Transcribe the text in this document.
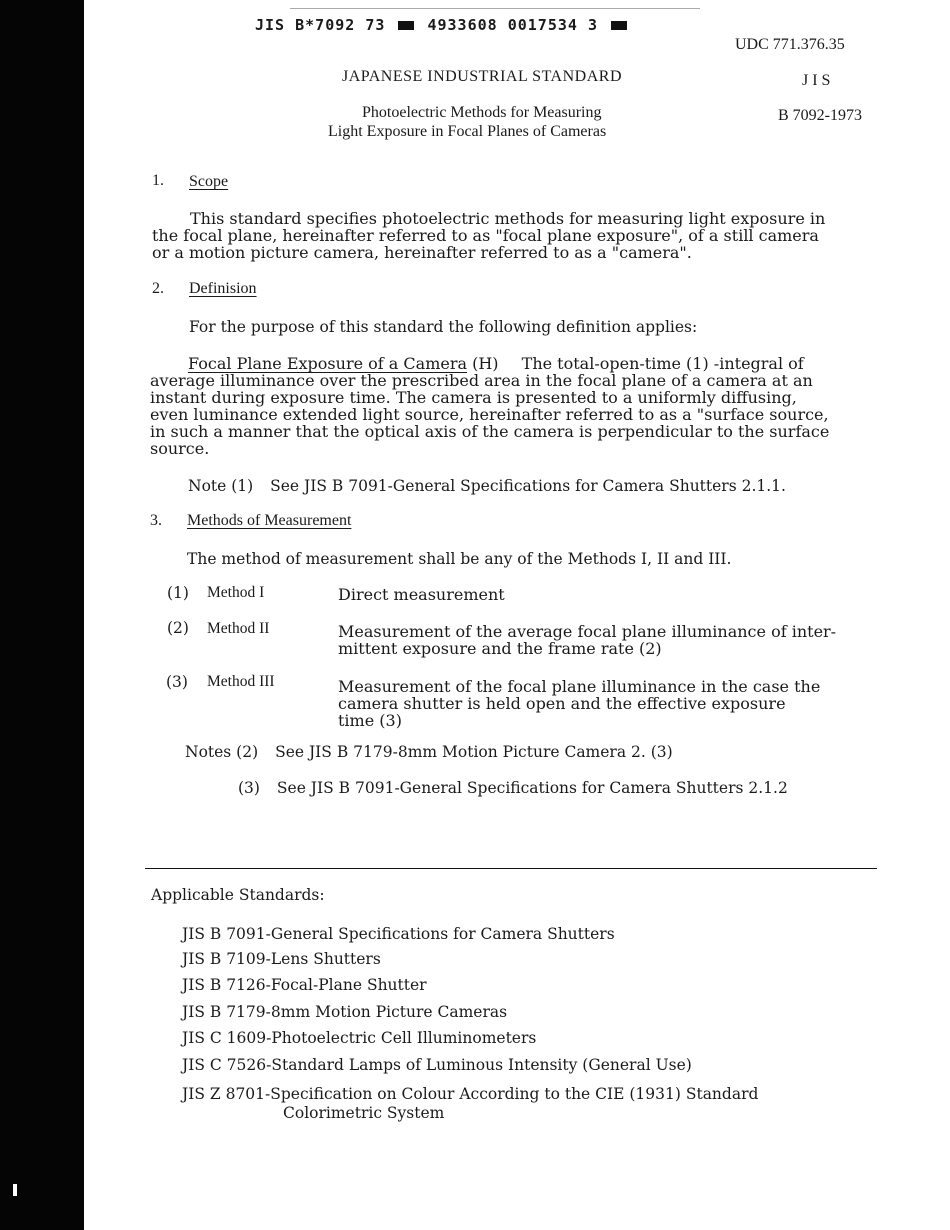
JIS B*7092 73	4933608 0017534 3
UDC 771.376.35
JAPANESE INDUSTRIAL STANDARD	J I S
Photoelectric Methods for Measuring
Light Exposure in Focal Planes of Cameras
B 7092-1973
1. Scope
This standard specifies photoelectric methods for measuring light exposure in
the focal plane, hereinafter referred to as "focal plane exposure", of a still camera
or a motion picture camera, hereinafter referred to as a "camera".
2. Definision
For the purpose of this standard the following definition applies:
Focal Plane Exposure of a Camera (H) The total-open-time (1) -integral of
average illuminance over the prescribed area in the focal plane of a camera at an
instant during exposure time. The camera is presented to a uniformly diffusing,
even luminance extended light source, hereinafter referred to as a "surface source,
in such a manner that the optical axis of the camera is perpendicular to the surface
source.
Note (1) See JIS B 7091-General Specifications for Camera Shutters 2.1.1.
3. Methods of Measurement
The method of measurement shall be any of the Methods I, II and III.
(1) Method I	Direct measurement
(2) Method II	Measurement of the average focal plane illuminance of inter-
mittent exposure and the frame rate (2)
(3) Method III	Measurement of the focal plane illuminance in the case the
camera shutter is held open and the effective exposure
time (3)
Notes (2) See JIS B 7179-8mm Motion Picture Camera 2. (3)
(3) See JIS B 7091-General Specifications for Camera Shutters 2.1.2
Applicable Standards:
JIS B 7091-General Specifications for Camera Shutters
JIS B 7109-Lens Shutters
JIS B 7126-Focal-Plane Shutter
JIS B 7179-8mm Motion Picture Cameras
JIS C 1609-Photoelectric Cell Illuminometers
JIS C 7526-Standard Lamps of Luminous Intensity (General Use)
JIS Z 8701-Specification on Colour According to the CIE (1931) Standard
Colorimetric System
